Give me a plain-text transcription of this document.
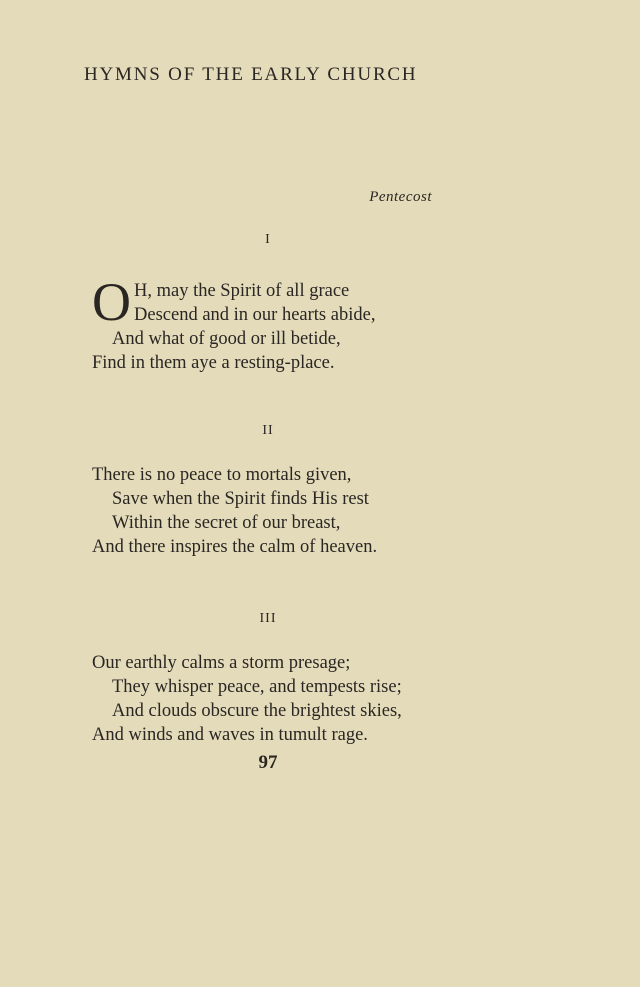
HYMNS OF THE EARLY CHURCH
Pentecost
I
O H, may the Spirit of all grace
Descend and in our hearts abide,
And what of good or ill betide,
Find in them aye a resting-place.
II
There is no peace to mortals given,
Save when the Spirit finds His rest
Within the secret of our breast,
And there inspires the calm of heaven.
III
Our earthly calms a storm presage;
They whisper peace, and tempests rise;
And clouds obscure the brightest skies,
And winds and waves in tumult rage.
97
